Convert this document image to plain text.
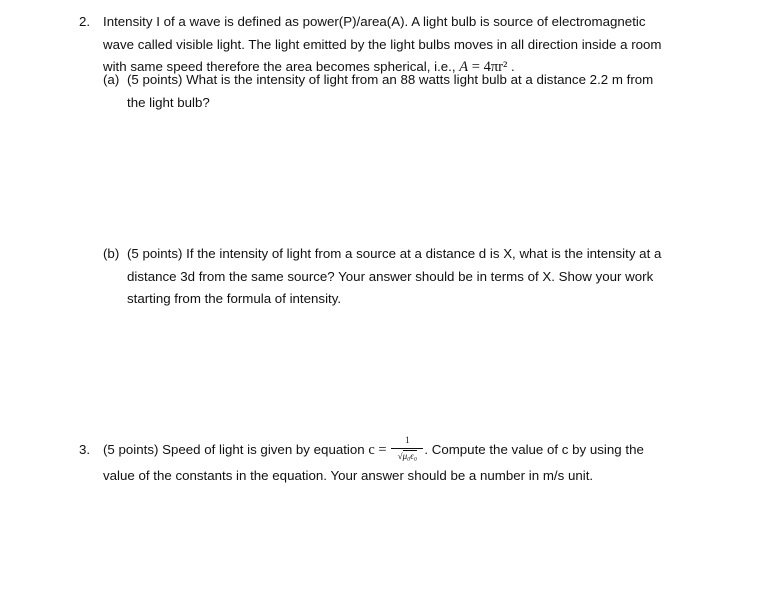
2. Intensity I of a wave is defined as power(P)/area(A). A light bulb is source of electromagnetic
wave called visible light. The light emitted by the light bulbs moves in all direction inside a room
with same speed therefore the area becomes spherical, i.e., A = 4πr² .
(a) (5 points) What is the intensity of light from an 88 watts light bulb at a distance 2.2 m from
the light bulb?
(b) (5 points) If the intensity of light from a source at a distance d is X, what is the intensity at a
distance 3d from the same source? Your answer should be in terms of X. Show your work
starting from the formula of intensity.
3. (5 points) Speed of light is given by equation $c = \frac{1}{\text{√μ₀ϵ₀}}$ . Compute the value of c by using the
value of the constants in the equation. Your answer should be a number in m/s unit.
